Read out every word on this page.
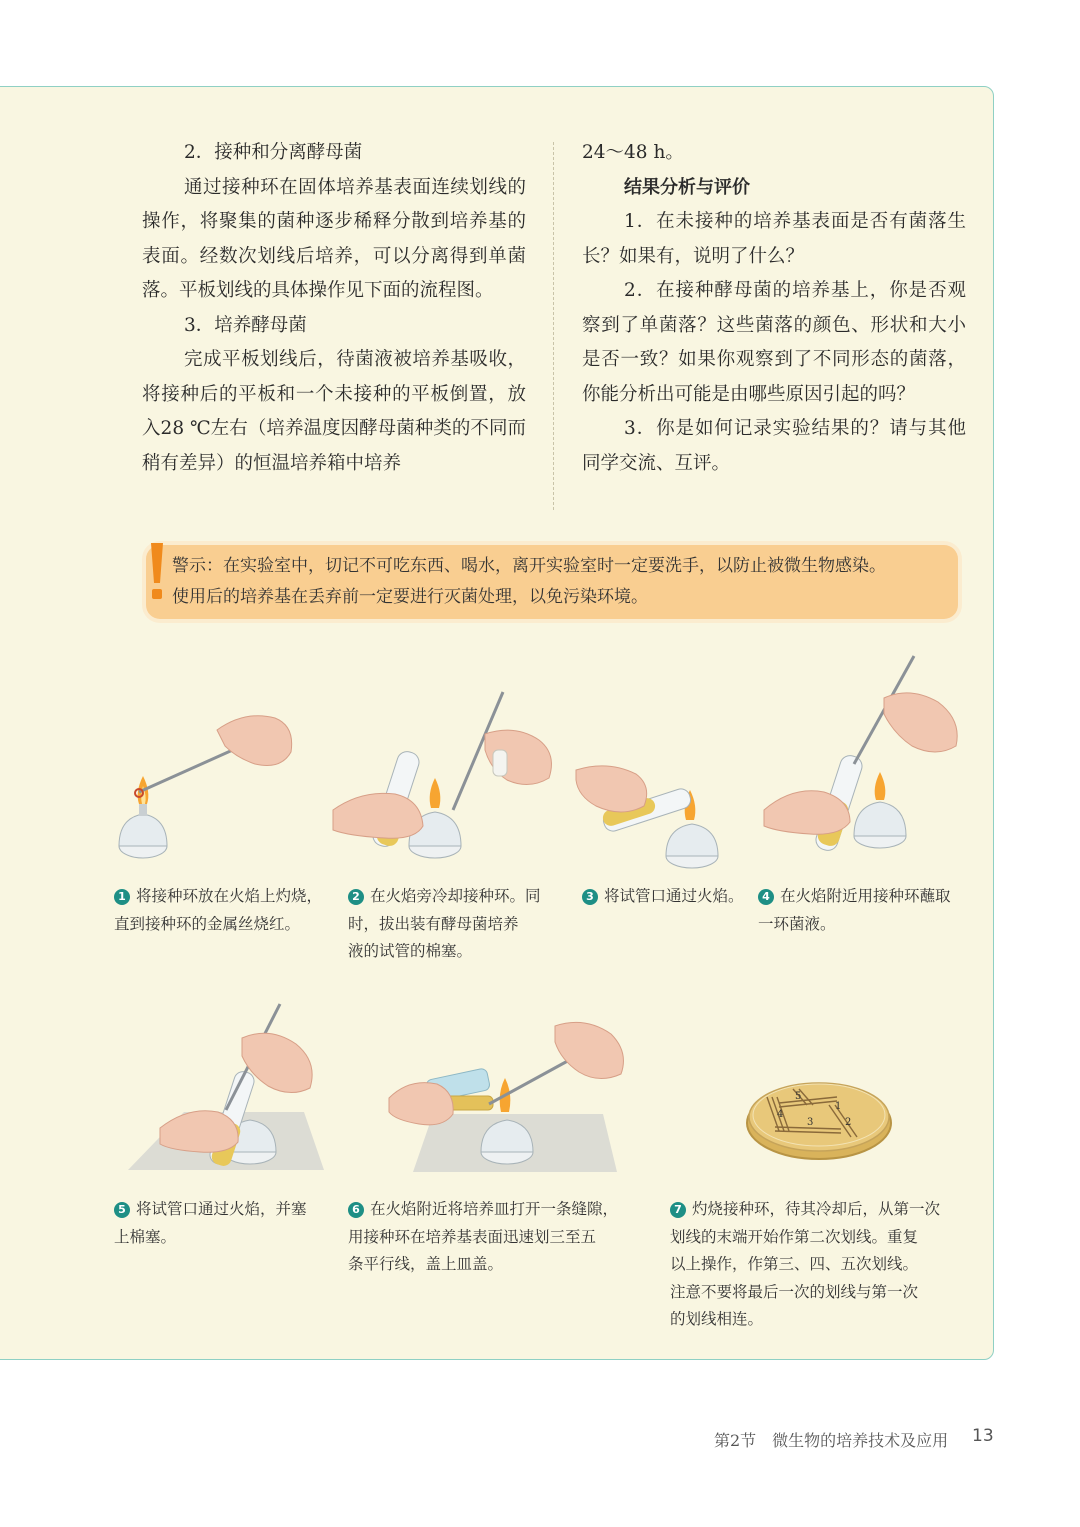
2．接种和分离酵母菌

通过接种环在固体培养基表面连续划线的操作，将聚集的菌种逐步稀释分散到培养基的表面。经数次划线后培养，可以分离得到单菌落。平板划线的具体操作见下面的流程图。

3．培养酵母菌

完成平板划线后，待菌液被培养基吸收，将接种后的平板和一个未接种的平板倒置，放入28 ℃左右（培养温度因酵母菌种类的不同而稍有差异）的恒温培养箱中培养

24～48 h。

结果分析与评价

1．在未接种的培养基表面是否有菌落生长？如果有，说明了什么？

2．在接种酵母菌的培养基上，你是否观察到了单菌落？这些菌落的颜色、形状和大小是否一致？如果你观察到了不同形态的菌落，你能分析出可能是由哪些原因引起的吗？

3．你是如何记录实验结果的？请与其他同学交流、互评。

警示：在实验室中，切记不可吃东西、喝水，离开实验室时一定要洗手，以防止被微生物感染。

使用后的培养基在丢弃前一定要进行灭菌处理，以免污染环境。

1 将接种环放在火焰上灼烧，
直到接种环的金属丝烧红。
2 在火焰旁冷却接种环。同
时，拔出装有酵母菌培养
液的试管的棉塞。
3 将试管口通过火焰。	4 在火焰附近用接种环蘸取
一环菌液。
1
2
3
4
5
5 将试管口通过火焰，并塞
上棉塞。
6 在火焰附近将培养皿打开一条缝隙，
用接种环在培养基表面迅速划三至五
条平行线，盖上皿盖。
7 灼烧接种环，待其冷却后，从第一次
划线的末端开始作第二次划线。重复
以上操作，作第三、四、五次划线。
注意不要将最后一次的划线与第一次
的划线相连。
第2节　微生物的培养技术及应用 13
